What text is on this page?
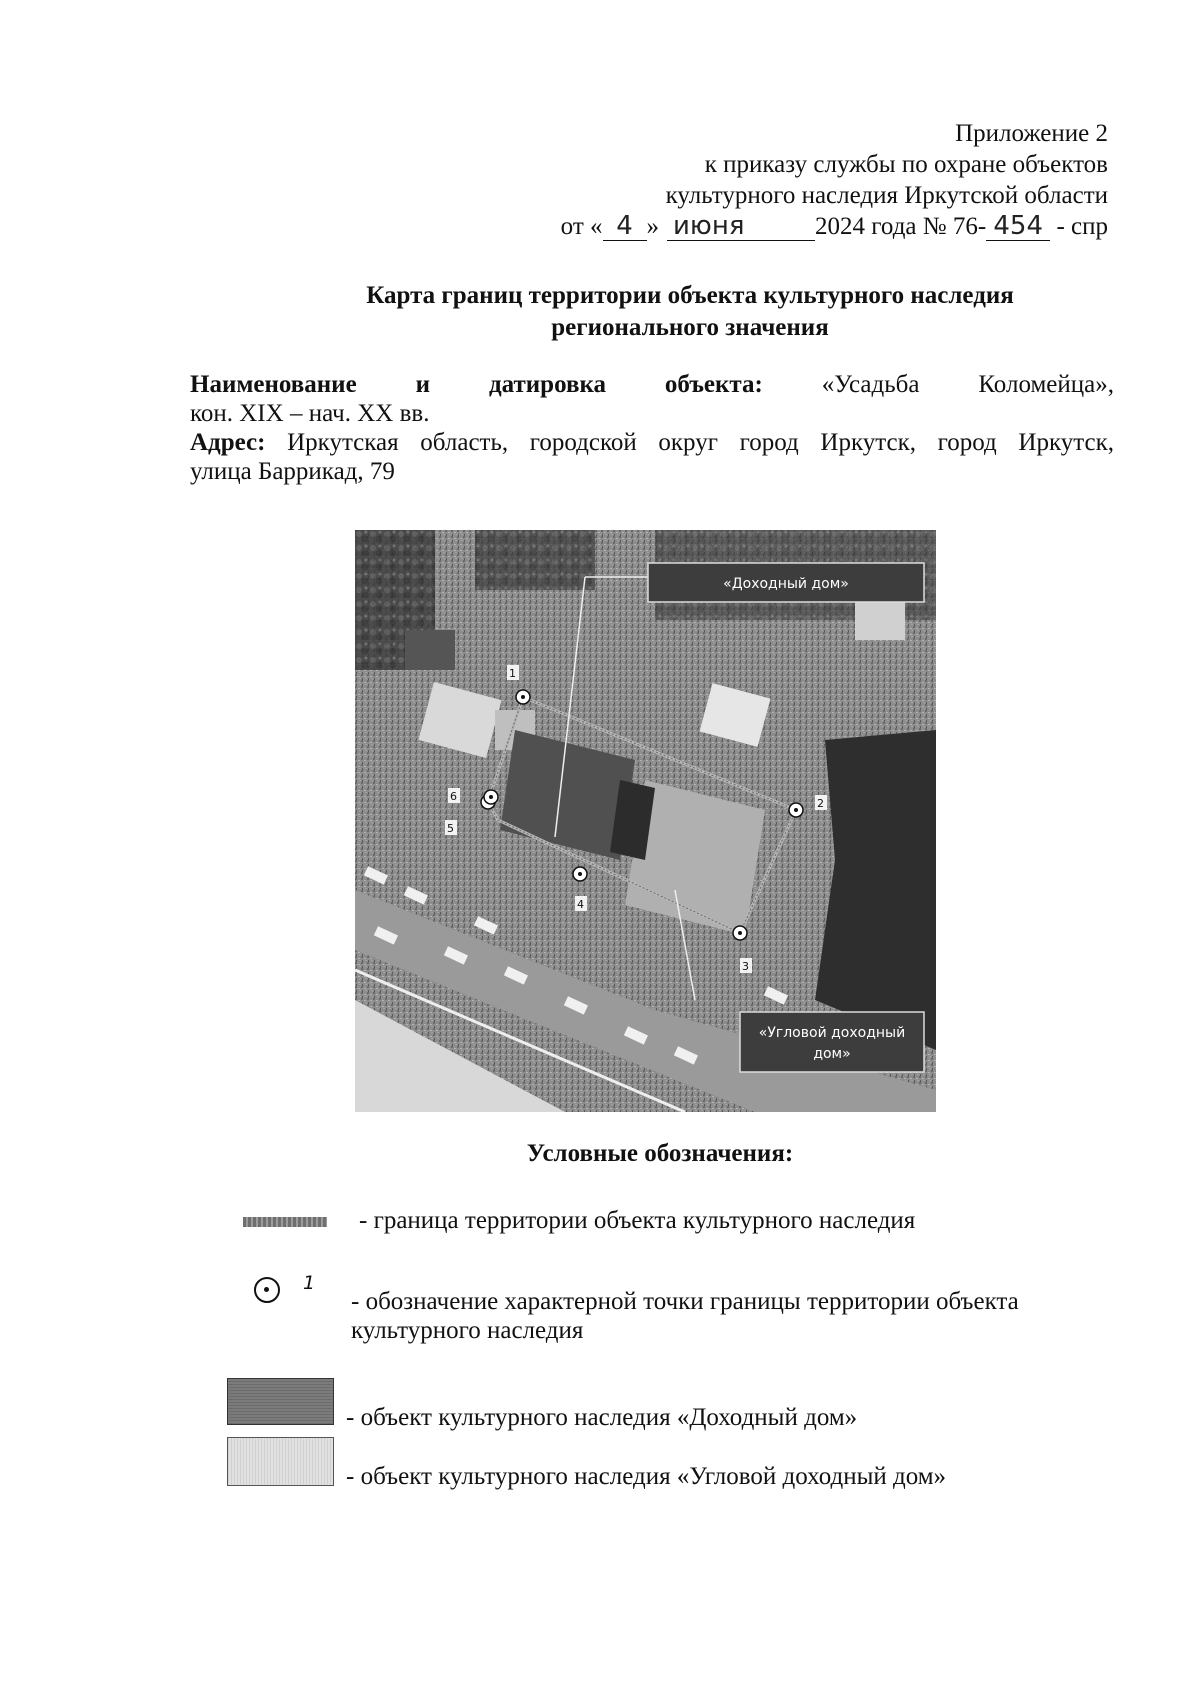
Приложение 2
к приказу службы по охране объектов
культурного наследия Иркутской области
от « 4 » июня	2024 года № 76- 454 - спр
Карта границ территории объекта культурного наследия
регионального значения

Наименование и датировка объекта: «Усадьба Коломейца»,

кон. XIX – нач. XX вв.

Адрес: Иркутская область, городской округ город Иркутск, город Иркутск,

улица Баррикад, 79

1
2
3
4
5
6
«Доходный дом»
«Угловой доходный
дом»
Условные обозначения:
- граница территории объекта культурного наследия
1
- обозначение характерной точки границы территории объекта
культурного наследия
- объект культурного наследия «Доходный дом»
- объект культурного наследия «Угловой доходный дом»
